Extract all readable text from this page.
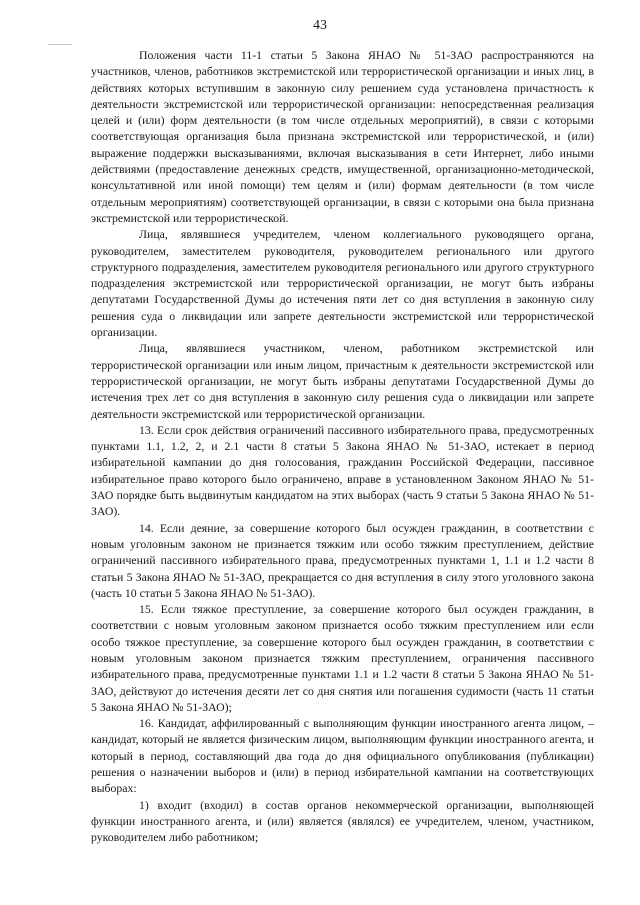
43

Положения части 11-1 статьи 5 Закона ЯНАО № 51-ЗАО распространяются на участников, членов, работников экстремистской или террористической организации и иных лиц, в действиях которых вступившим в законную силу решением суда установлена причастность к деятельности экстремистской или террористической организации: непосредственная реализация целей и (или) форм деятельности (в том числе отдельных мероприятий), в связи с которыми соответствующая организация была признана экстремистской или террористической, и (или) выражение поддержки высказываниями, включая высказывания в сети Интернет, либо иными действиями (предоставление денежных средств, имущественной, организационно-методической, консультативной или иной помощи) тем целям и (или) формам деятельности (в том числе отдельным мероприятиям) соответствующей организации, в связи с которыми она была признана экстремистской или террористической.

Лица, являвшиеся учредителем, членом коллегиального руководящего органа, руководителем, заместителем руководителя, руководителем регионального или другого структурного подразделения, заместителем руководителя регионального или другого структурного подразделения экстремистской или террористической организации, не могут быть избраны депутатами Государственной Думы до истечения пяти лет со дня вступления в законную силу решения суда о ликвидации или запрете деятельности экстремистской или террористической организации.

Лица, являвшиеся участником, членом, работником экстремистской или террористической организации или иным лицом, причастным к деятельности экстремистской или террористической организации, не могут быть избраны депутатами Государственной Думы до истечения трех лет со дня вступления в законную силу решения суда о ликвидации или запрете деятельности экстремистской или террористической организации.

13. Если срок действия ограничений пассивного избирательного права, предусмотренных пунктами 1.1, 1.2, 2, и 2.1 части 8 статьи 5 Закона ЯНАО № 51-ЗАО, истекает в период избирательной кампании до дня голосования, гражданин Российской Федерации, пассивное избирательное право которого было ограничено, вправе в установленном Законом ЯНАО № 51-ЗАО порядке быть выдвинутым кандидатом на этих выборах (часть 9 статьи 5 Закона ЯНАО № 51-ЗАО).

14. Если деяние, за совершение которого был осужден гражданин, в соответствии с новым уголовным законом не признается тяжким или особо тяжким преступлением, действие ограничений пассивного избирательного права, предусмотренных пунктами 1, 1.1 и 1.2 части 8 статьи 5 Закона ЯНАО № 51-ЗАО, прекращается со дня вступления в силу этого уголовного закона (часть 10 статьи 5 Закона ЯНАО № 51-ЗАО).

15. Если тяжкое преступление, за совершение которого был осужден гражданин, в соответствии с новым уголовным законом признается особо тяжким преступлением или если особо тяжкое преступление, за совершение которого был осужден гражданин, в соответствии с новым уголовным законом признается тяжким преступлением, ограничения пассивного избирательного права, предусмотренные пунктами 1.1 и 1.2 части 8 статьи 5 Закона ЯНАО № 51-ЗАО, действуют до истечения десяти лет со дня снятия или погашения судимости (часть 11 статьи 5 Закона ЯНАО № 51-ЗАО);

16. Кандидат, аффилированный с выполняющим функции иностранного агента лицом, – кандидат, который не является физическим лицом, выполняющим функции иностранного агента, и который в период, составляющий два года до дня официального опубликования (публикации) решения о назначении выборов и (или) в период избирательной кампании на соответствующих выборах:

1) входит (входил) в состав органов некоммерческой организации, выполняющей функции иностранного агента, и (или) является (являлся) ее учредителем, членом, участником, руководителем либо работником;
